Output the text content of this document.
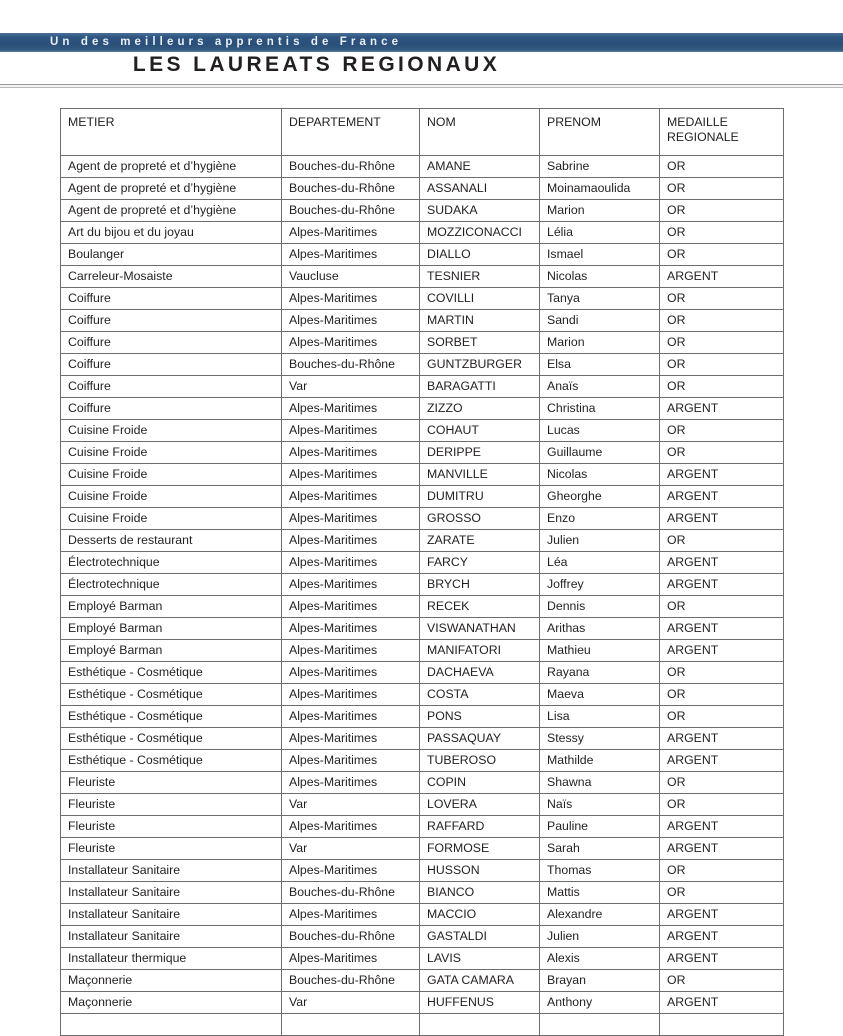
Un des meilleurs apprentis de France
LES LAUREATS REGIONAUX
METIER	DEPARTEMENT	NOM	PRENOM	MEDAILLE
REGIONALE

Agent de propreté et d’hygiène	Bouches-du-Rhône	AMANE	Sabrine	OR
Agent de propreté et d’hygiène	Bouches-du-Rhône	ASSANALI	Moinamaoulida	OR
Agent de propreté et d’hygiène	Bouches-du-Rhône	SUDAKA	Marion	OR
Art du bijou et du joyau	Alpes-Maritimes	MOZZICONACCI	Lélia	OR
Boulanger	Alpes-Maritimes	DIALLO	Ismael	OR
Carreleur-Mosaiste	Vaucluse	TESNIER	Nicolas	ARGENT
Coiffure	Alpes-Maritimes	COVILLI	Tanya	OR
Coiffure	Alpes-Maritimes	MARTIN	Sandi	OR
Coiffure	Alpes-Maritimes	SORBET	Marion	OR
Coiffure	Bouches-du-Rhône	GUNTZBURGER	Elsa	OR
Coiffure	Var	BARAGATTI	Anaïs	OR
Coiffure	Alpes-Maritimes	ZIZZO	Christina	ARGENT
Cuisine Froide	Alpes-Maritimes	COHAUT	Lucas	OR
Cuisine Froide	Alpes-Maritimes	DERIPPE	Guillaume	OR
Cuisine Froide	Alpes-Maritimes	MANVILLE	Nicolas	ARGENT
Cuisine Froide	Alpes-Maritimes	DUMITRU	Gheorghe	ARGENT
Cuisine Froide	Alpes-Maritimes	GROSSO	Enzo	ARGENT
Desserts de restaurant	Alpes-Maritimes	ZARATE	Julien	OR
Électrotechnique	Alpes-Maritimes	FARCY	Léa	ARGENT
Électrotechnique	Alpes-Maritimes	BRYCH	Joffrey	ARGENT
Employé Barman	Alpes-Maritimes	RECEK	Dennis	OR
Employé Barman	Alpes-Maritimes	VISWANATHAN	Arithas	ARGENT
Employé Barman	Alpes-Maritimes	MANIFATORI	Mathieu	ARGENT
Esthétique - Cosmétique	Alpes-Maritimes	DACHAEVA	Rayana	OR
Esthétique - Cosmétique	Alpes-Maritimes	COSTA	Maeva	OR
Esthétique - Cosmétique	Alpes-Maritimes	PONS	Lisa	OR
Esthétique - Cosmétique	Alpes-Maritimes	PASSAQUAY	Stessy	ARGENT
Esthétique - Cosmétique	Alpes-Maritimes	TUBEROSO	Mathilde	ARGENT
Fleuriste	Alpes-Maritimes	COPIN	Shawna	OR
Fleuriste	Var	LOVERA	Naïs	OR
Fleuriste	Alpes-Maritimes	RAFFARD	Pauline	ARGENT
Fleuriste	Var	FORMOSE	Sarah	ARGENT
Installateur Sanitaire	Alpes-Maritimes	HUSSON	Thomas	OR
Installateur Sanitaire	Bouches-du-Rhône	BIANCO	Mattis	OR
Installateur Sanitaire	Alpes-Maritimes	MACCIO	Alexandre	ARGENT
Installateur Sanitaire	Bouches-du-Rhône	GASTALDI	Julien	ARGENT
Installateur thermique	Alpes-Maritimes	LAVIS	Alexis	ARGENT
Maçonnerie	Bouches-du-Rhône	GATA CAMARA	Brayan	OR
Maçonnerie	Var	HUFFENUS	Anthony	ARGENT
